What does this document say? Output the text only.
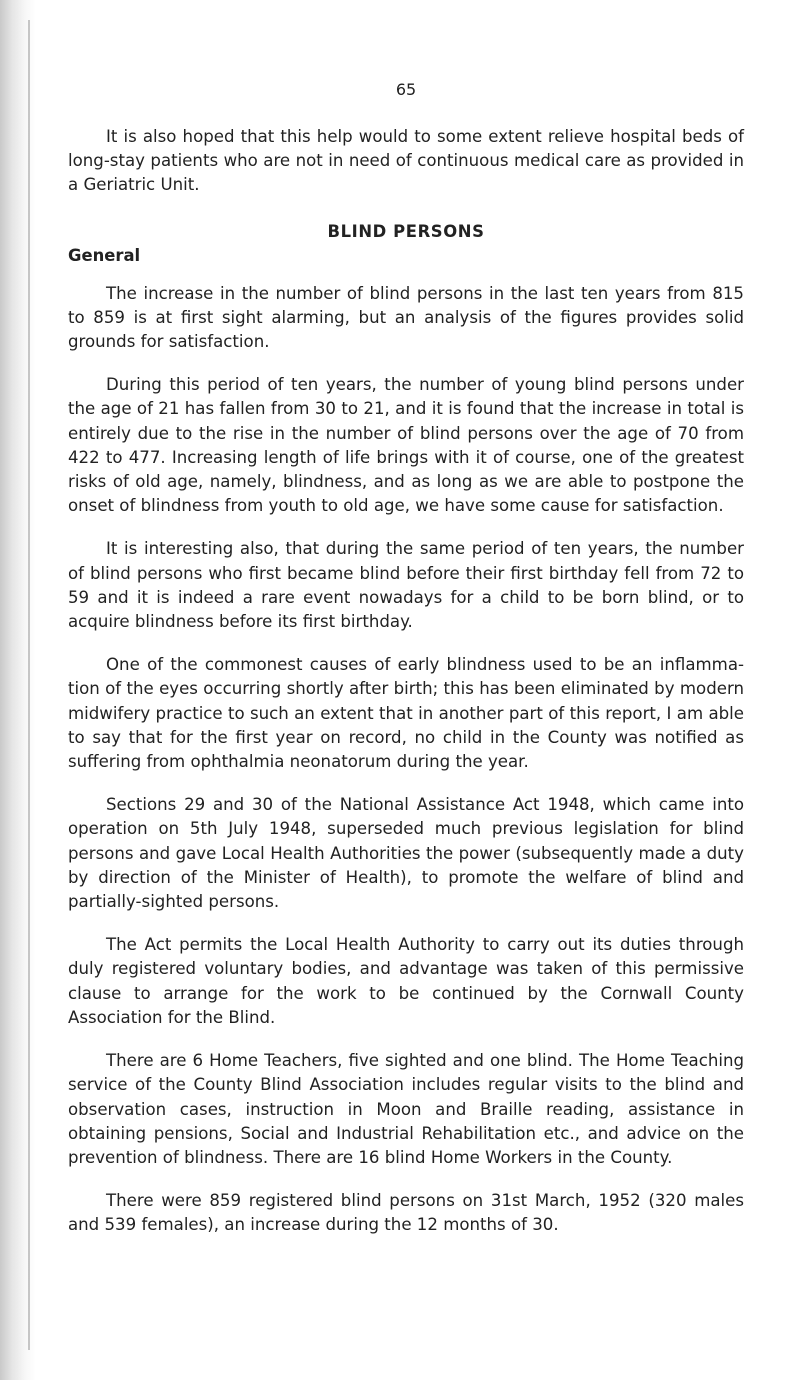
65

It is also hoped that this help would to some extent relieve hospital beds of long-stay patients who are not in need of continuous medical care as provided in a Geriatric Unit.

BLIND PERSONS
General

The increase in the number of blind persons in the last ten years from 815 to 859 is at first sight alarming, but an analysis of the figures provides solid grounds for satisfaction.

During this period of ten years, the number of young blind persons under the age of 21 has fallen from 30 to 21, and it is found that the increase in total is entirely due to the rise in the number of blind persons over the age of 70 from 422 to 477. Increasing length of life brings with it of course, one of the greatest risks of old age, namely, blindness, and as long as we are able to postpone the onset of blindness from youth to old age, we have some cause for satisfaction.

It is interesting also, that during the same period of ten years, the number of blind persons who first became blind before their first birthday fell from 72 to 59 and it is indeed a rare event nowadays for a child to be born blind, or to acquire blindness before its first birthday.

One of the commonest causes of early blindness used to be an inflamma- tion of the eyes occurring shortly after birth; this has been eliminated by modern midwifery practice to such an extent that in another part of this report, I am able to say that for the first year on record, no child in the County was notified as suffering from ophthalmia neonatorum during the year.

Sections 29 and 30 of the National Assistance Act 1948, which came into operation on 5th July 1948, superseded much previous legislation for blind persons and gave Local Health Authorities the power (subsequently made a duty by direction of the Minister of Health), to promote the welfare of blind and partially-sighted persons.

The Act permits the Local Health Authority to carry out its duties through duly registered voluntary bodies, and advantage was taken of this permissive clause to arrange for the work to be continued by the Cornwall County Association for the Blind.

There are 6 Home Teachers, five sighted and one blind. The Home Teaching service of the County Blind Association includes regular visits to the blind and observation cases, instruction in Moon and Braille reading, assistance in obtaining pensions, Social and Industrial Rehabilitation etc., and advice on the prevention of blindness. There are 16 blind Home Workers in the County.

There were 859 registered blind persons on 31st March, 1952 (320 males and 539 females), an increase during the 12 months of 30.
